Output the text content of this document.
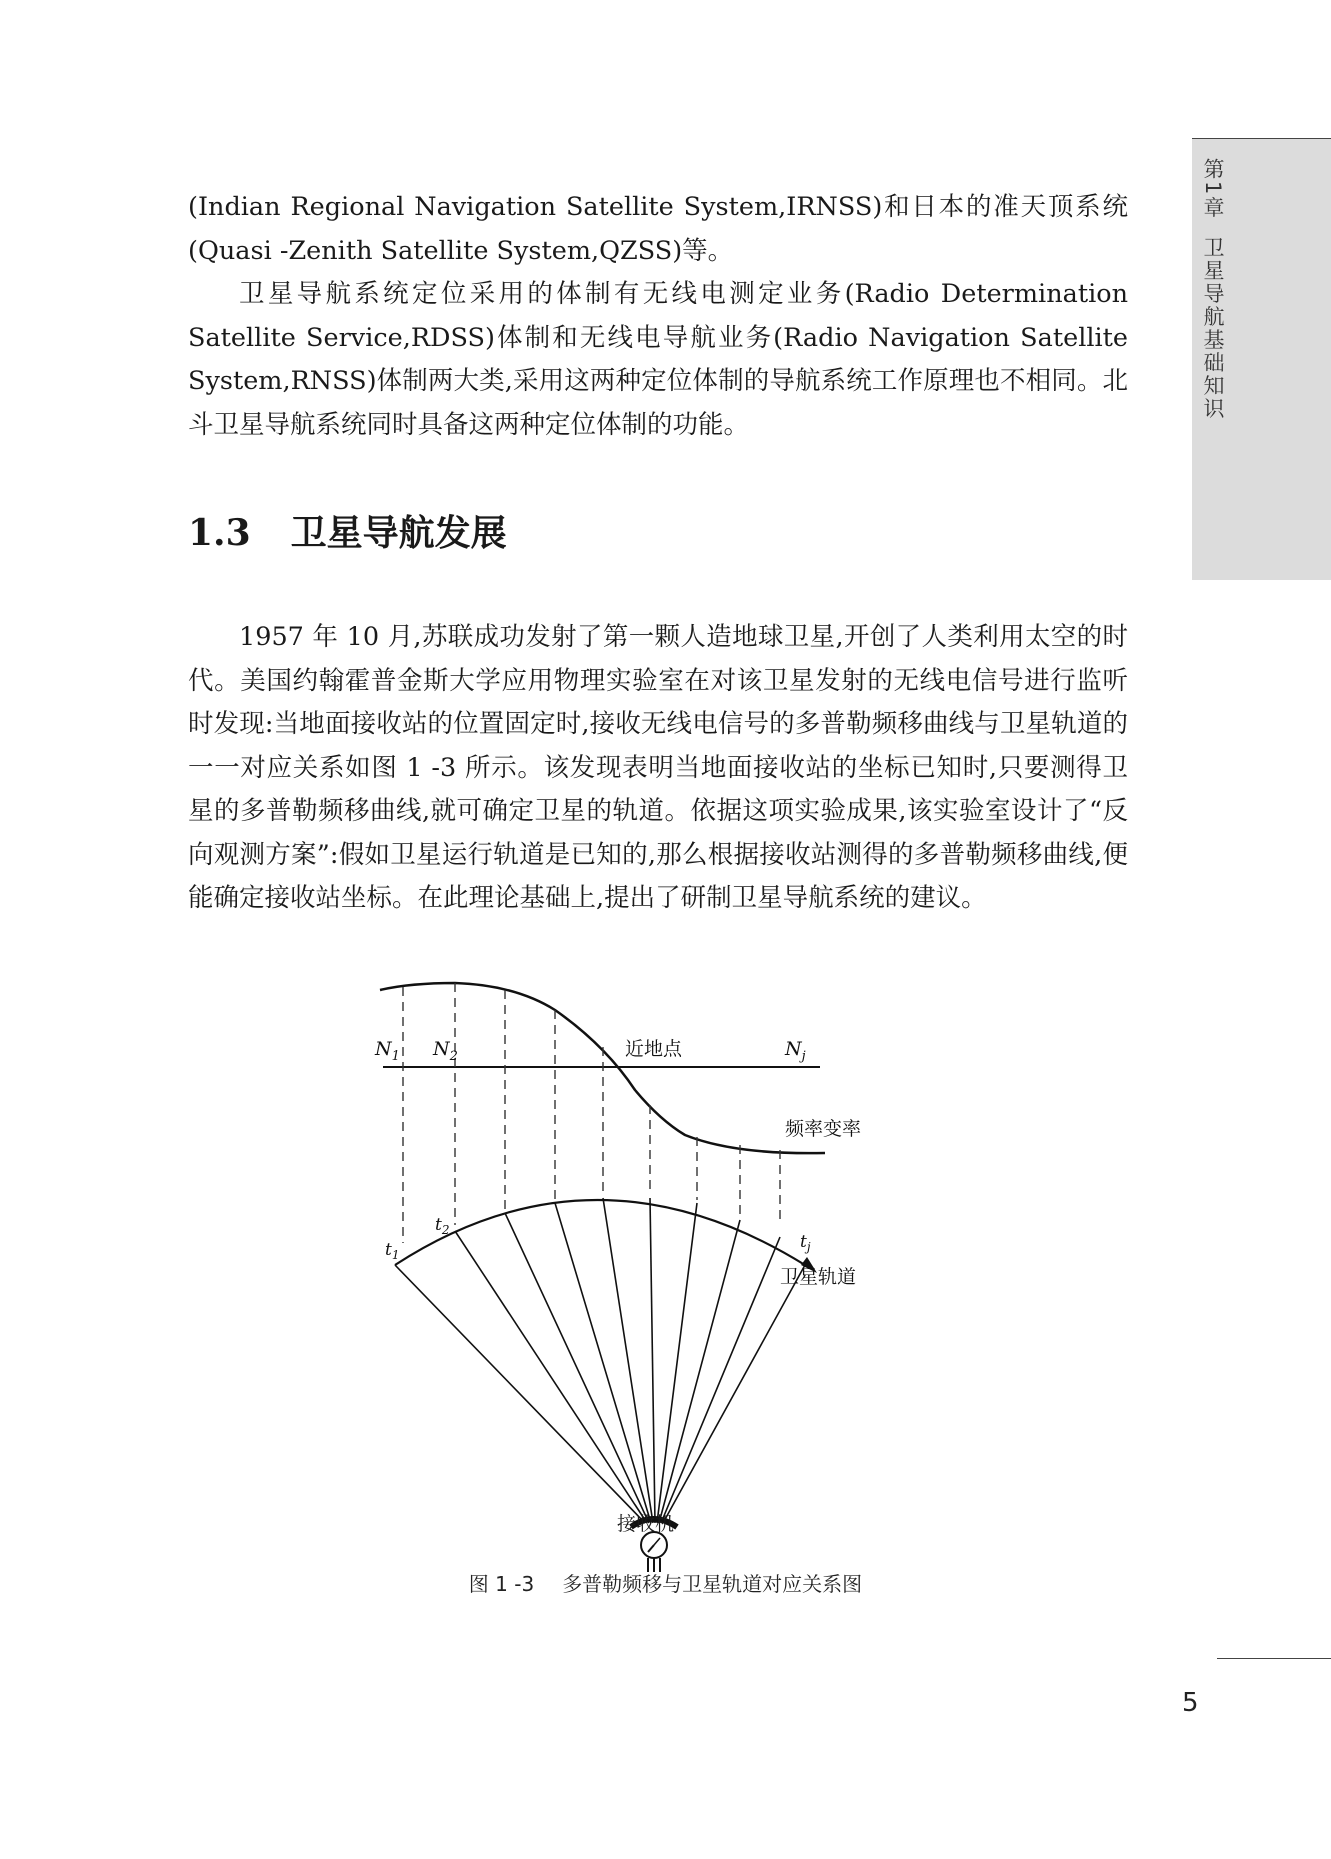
第1章  卫星导航基础知识

(Indian Regional Navigation Satellite System,IRNSS)和日本的准天顶系统(Quasi -Zenith Satellite System,QZSS)等。

卫星导航系统定位采用的体制有无线电测定业务(Radio Determination Satellite Service,RDSS)体制和无线电导航业务(Radio Navigation Satellite System,RNSS)体制两大类,采用这两种定位体制的导航系统工作原理也不相同。北斗卫星导航系统同时具备这两种定位体制的功能。

1.3 卫星导航发展

1957 年 10 月,苏联成功发射了第一颗人造地球卫星,开创了人类利用太空的时代。美国约翰霍普金斯大学应用物理实验室在对该卫星发射的无线电信号进行监听时发现:当地面接收站的位置固定时,接收无线电信号的多普勒频移曲线与卫星轨道的一一对应关系如图 1 -3 所示。该发现表明当地面接收站的坐标已知时,只要测得卫星的多普勒频移曲线,就可确定卫星的轨道。依据这项实验成果,该实验室设计了“反向观测方案”:假如卫星运行轨道是已知的,那么根据接收站测得的多普勒频移曲线,便能确定接收站坐标。在此理论基础上,提出了研制卫星导航系统的建议。

$N_1$ $N_2$	$N_j$
$t_1$
$t_2$
$t_j$
近地点
频率变率
卫星轨道
接收机
图 1 -3 多普勒频移与卫星轨道对应关系图
5
